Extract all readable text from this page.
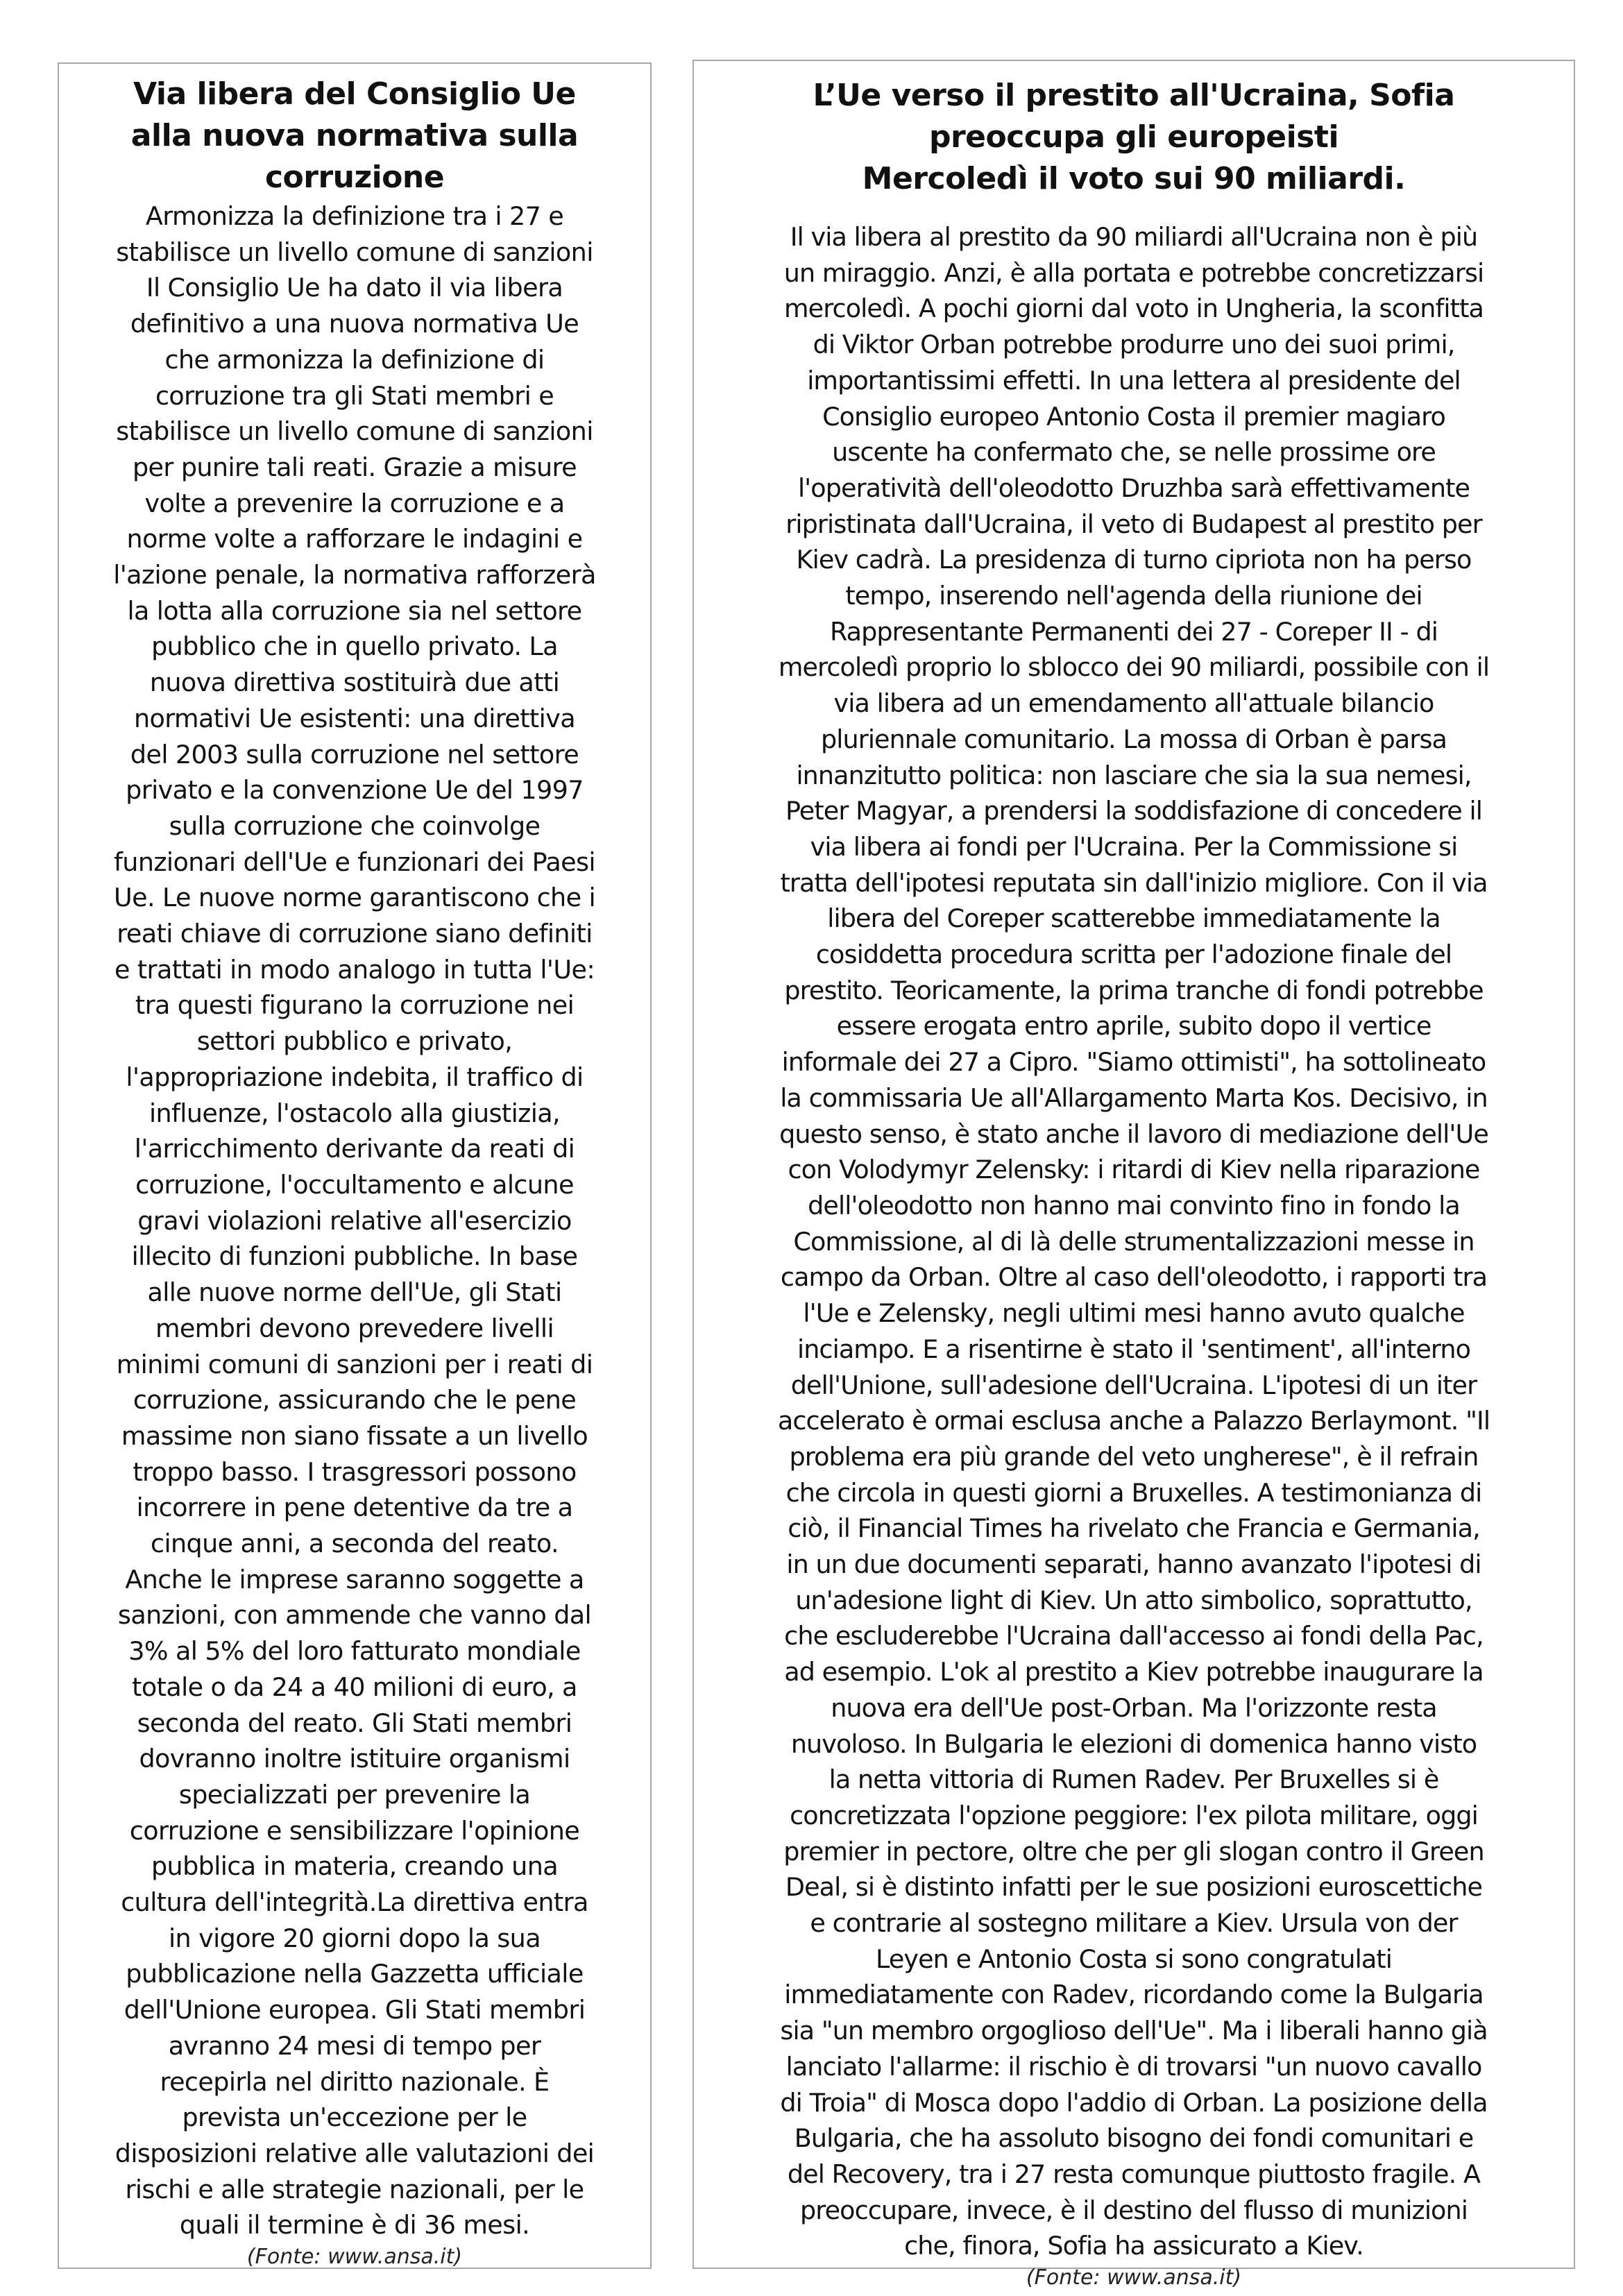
Via libera del Consiglio Ue
alla nuova normativa sulla
corruzione
Armonizza la definizione tra i 27 e
stabilisce un livello comune di sanzioni
Il Consiglio Ue ha dato il via libera
definitivo a una nuova normativa Ue
che armonizza la definizione di
corruzione tra gli Stati membri e
stabilisce un livello comune di sanzioni
per punire tali reati. Grazie a misure
volte a prevenire la corruzione e a
norme volte a rafforzare le indagini e
l'azione penale, la normativa rafforzerà
la lotta alla corruzione sia nel settore
pubblico che in quello privato. La
nuova direttiva sostituirà due atti
normativi Ue esistenti: una direttiva
del 2003 sulla corruzione nel settore
privato e la convenzione Ue del 1997
sulla corruzione che coinvolge
funzionari dell'Ue e funzionari dei Paesi
Ue. Le nuove norme garantiscono che i
reati chiave di corruzione siano definiti
e trattati in modo analogo in tutta l'Ue:
tra questi figurano la corruzione nei
settori pubblico e privato,
l'appropriazione indebita, il traffico di
influenze, l'ostacolo alla giustizia,
l'arricchimento derivante da reati di
corruzione, l'occultamento e alcune
gravi violazioni relative all'esercizio
illecito di funzioni pubbliche. In base
alle nuove norme dell'Ue, gli Stati
membri devono prevedere livelli
minimi comuni di sanzioni per i reati di
corruzione, assicurando che le pene
massime non siano fissate a un livello
troppo basso. I trasgressori possono
incorrere in pene detentive da tre a
cinque anni, a seconda del reato.
Anche le imprese saranno soggette a
sanzioni, con ammende che vanno dal
3% al 5% del loro fatturato mondiale
totale o da 24 a 40 milioni di euro, a
seconda del reato. Gli Stati membri
dovranno inoltre istituire organismi
specializzati per prevenire la
corruzione e sensibilizzare l'opinione
pubblica in materia, creando una
cultura dell'integrità.La direttiva entra
in vigore 20 giorni dopo la sua
pubblicazione nella Gazzetta ufficiale
dell'Unione europea. Gli Stati membri
avranno 24 mesi di tempo per
recepirla nel diritto nazionale. È
prevista un'eccezione per le
disposizioni relative alle valutazioni dei
rischi e alle strategie nazionali, per le
quali il termine è di 36 mesi.
(Fonte: www.ansa.it)
L’Ue verso il prestito all'Ucraina, Sofia
preoccupa gli europeisti
Mercoledì il voto sui 90 miliardi.
Il via libera al prestito da 90 miliardi all'Ucraina non è più
un miraggio. Anzi, è alla portata e potrebbe concretizzarsi
mercoledì. A pochi giorni dal voto in Ungheria, la sconfitta
di Viktor Orban potrebbe produrre uno dei suoi primi,
importantissimi effetti. In una lettera al presidente del
Consiglio europeo Antonio Costa il premier magiaro
uscente ha confermato che, se nelle prossime ore
l'operatività dell'oleodotto Druzhba sarà effettivamente
ripristinata dall'Ucraina, il veto di Budapest al prestito per
Kiev cadrà. La presidenza di turno cipriota non ha perso
tempo, inserendo nell'agenda della riunione dei
Rappresentante Permanenti dei 27 - Coreper II - di
mercoledì proprio lo sblocco dei 90 miliardi, possibile con il
via libera ad un emendamento all'attuale bilancio
pluriennale comunitario. La mossa di Orban è parsa
innanzitutto politica: non lasciare che sia la sua nemesi,
Peter Magyar, a prendersi la soddisfazione di concedere il
via libera ai fondi per l'Ucraina. Per la Commissione si
tratta dell'ipotesi reputata sin dall'inizio migliore. Con il via
libera del Coreper scatterebbe immediatamente la
cosiddetta procedura scritta per l'adozione finale del
prestito. Teoricamente, la prima tranche di fondi potrebbe
essere erogata entro aprile, subito dopo il vertice
informale dei 27 a Cipro. "Siamo ottimisti", ha sottolineato
la commissaria Ue all'Allargamento Marta Kos. Decisivo, in
questo senso, è stato anche il lavoro di mediazione dell'Ue
con Volodymyr Zelensky: i ritardi di Kiev nella riparazione
dell'oleodotto non hanno mai convinto fino in fondo la
Commissione, al di là delle strumentalizzazioni messe in
campo da Orban. Oltre al caso dell'oleodotto, i rapporti tra
l'Ue e Zelensky, negli ultimi mesi hanno avuto qualche
inciampo. E a risentirne è stato il 'sentiment', all'interno
dell'Unione, sull'adesione dell'Ucraina. L'ipotesi di un iter
accelerato è ormai esclusa anche a Palazzo Berlaymont. "Il
problema era più grande del veto ungherese", è il refrain
che circola in questi giorni a Bruxelles. A testimonianza di
ciò, il Financial Times ha rivelato che Francia e Germania,
in un due documenti separati, hanno avanzato l'ipotesi di
un'adesione light di Kiev. Un atto simbolico, soprattutto,
che escluderebbe l'Ucraina dall'accesso ai fondi della Pac,
ad esempio. L'ok al prestito a Kiev potrebbe inaugurare la
nuova era dell'Ue post-Orban. Ma l'orizzonte resta
nuvoloso. In Bulgaria le elezioni di domenica hanno visto
la netta vittoria di Rumen Radev. Per Bruxelles si è
concretizzata l'opzione peggiore: l'ex pilota militare, oggi
premier in pectore, oltre che per gli slogan contro il Green
Deal, si è distinto infatti per le sue posizioni euroscettiche
e contrarie al sostegno militare a Kiev. Ursula von der
Leyen e Antonio Costa si sono congratulati
immediatamente con Radev, ricordando come la Bulgaria
sia "un membro orgoglioso dell'Ue". Ma i liberali hanno già
lanciato l'allarme: il rischio è di trovarsi "un nuovo cavallo
di Troia" di Mosca dopo l'addio di Orban. La posizione della
Bulgaria, che ha assoluto bisogno dei fondi comunitari e
del Recovery, tra i 27 resta comunque piuttosto fragile. A
preoccupare, invece, è il destino del flusso di munizioni
che, finora, Sofia ha assicurato a Kiev.
(Fonte: www.ansa.it)
